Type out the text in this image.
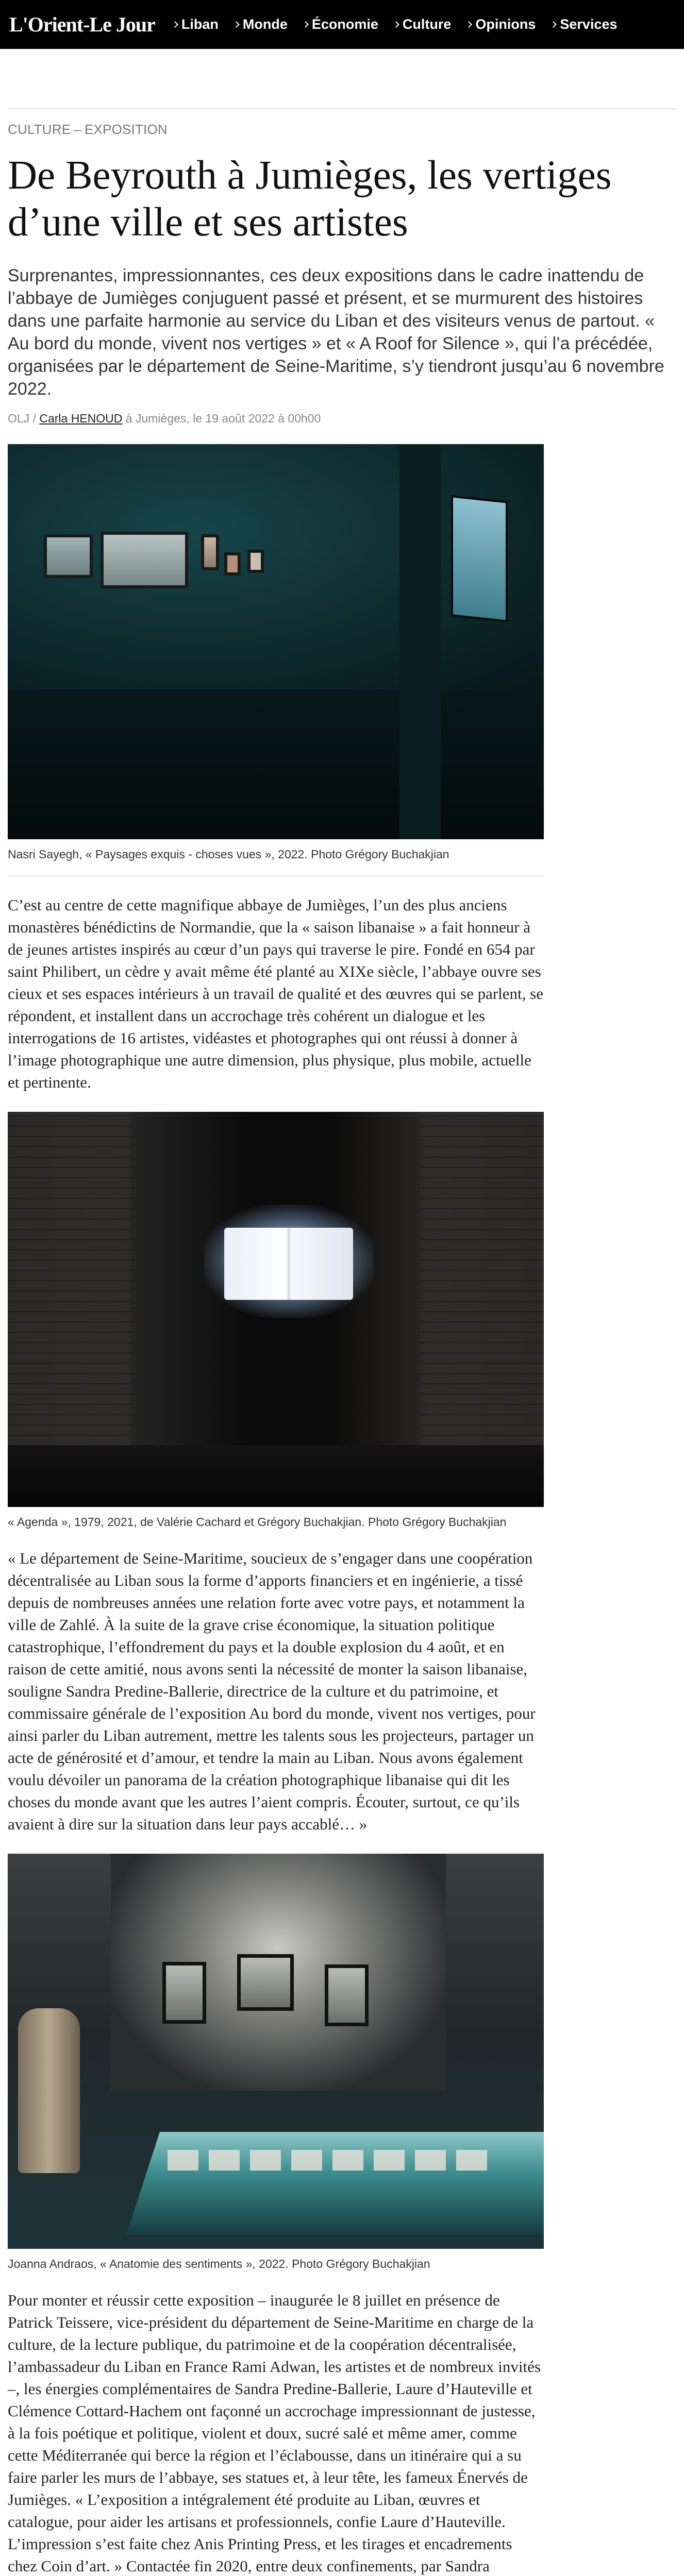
L'Orient-Le Jour Liban Monde Économie Culture Opinions Services
CULTURE – EXPOSITION
De Beyrouth à Jumièges, les vertiges d’une ville et ses artistes

Surprenantes, impressionnantes, ces deux expositions dans le cadre inattendu de l’abbaye de Jumièges conjuguent passé et présent, et se murmurent des histoires dans une parfaite harmonie au service du Liban et des visiteurs venus de partout. « Au bord du monde, vivent nos vertiges » et « A Roof for Silence », qui l’a précédée, organisées par le département de Seine-Maritime, s’y tiendront jusqu’au 6 novembre 2022.

OLJ / Carla HENOUD à Jumièges, le 19 août 2022 à 00h00
Nasri Sayegh, « Paysages exquis - choses vues », 2022. Photo Grégory Buchakjian

C’est au centre de cette magnifique abbaye de Jumièges, l’un des plus anciens monastères bénédictins de Normandie, que la « saison libanaise » a fait honneur à de jeunes artistes inspirés au cœur d’un pays qui traverse le pire. Fondé en 654 par saint Philibert, un cèdre y avait même été planté au XIXe siècle, l’abbaye ouvre ses cieux et ses espaces intérieurs à un travail de qualité et des œuvres qui se parlent, se répondent, et installent dans un accrochage très cohérent un dialogue et les interrogations de 16 artistes, vidéastes et photographes qui ont réussi à donner à l’image photographique une autre dimension, plus physique, plus mobile, actuelle et pertinente.

« Agenda », 1979, 2021, de Valérie Cachard et Grégory Buchakjian. Photo Grégory Buchakjian

« Le département de Seine-Maritime, soucieux de s’engager dans une coopération décentralisée au Liban sous la forme d’apports financiers et en ingénierie, a tissé depuis de nombreuses années une relation forte avec votre pays, et notamment la ville de Zahlé. À la suite de la grave crise économique, la situation politique catastrophique, l’effondrement du pays et la double explosion du 4 août, et en raison de cette amitié, nous avons senti la nécessité de monter la saison libanaise, souligne Sandra Predine-Ballerie, directrice de la culture et du patrimoine, et commissaire générale de l’exposition Au bord du monde, vivent nos vertiges, pour ainsi parler du Liban autrement, mettre les talents sous les projecteurs, partager un acte de générosité et d’amour, et tendre la main au Liban. Nous avons également voulu dévoiler un panorama de la création photographique libanaise qui dit les choses du monde avant que les autres l’aient compris. Écouter, surtout, ce qu’ils avaient à dire sur la situation dans leur pays accablé… »

Joanna Andraos, « Anatomie des sentiments », 2022. Photo Grégory Buchakjian

Pour monter et réussir cette exposition – inaugurée le 8 juillet en présence de Patrick Teissere, vice-président du département de Seine-Maritime en charge de la culture, de la lecture publique, du patrimoine et de la coopération décentralisée, l’ambassadeur du Liban en France Rami Adwan, les artistes et de nombreux invités –, les énergies complémentaires de Sandra Predine-Ballerie, Laure d’Hauteville et Clémence Cottard-Hachem ont façonné un accrochage impressionnant de justesse, à la fois poétique et politique, violent et doux, sucré salé et même amer, comme cette Méditerranée qui berce la région et l’éclabousse, dans un itinéraire qui a su faire parler les murs de l’abbaye, ses statues et, à leur tête, les fameux Énervés de Jumièges. « L’exposition a intégralement été produite au Liban, œuvres et catalogue, pour aider les artisans et professionnels, confie Laure d’Hauteville. L’impression s’est faite chez Anis Printing Press, et les tirages et encadrements chez Coin d’art. » Contactée fin 2020, entre deux confinements, par Sandra
